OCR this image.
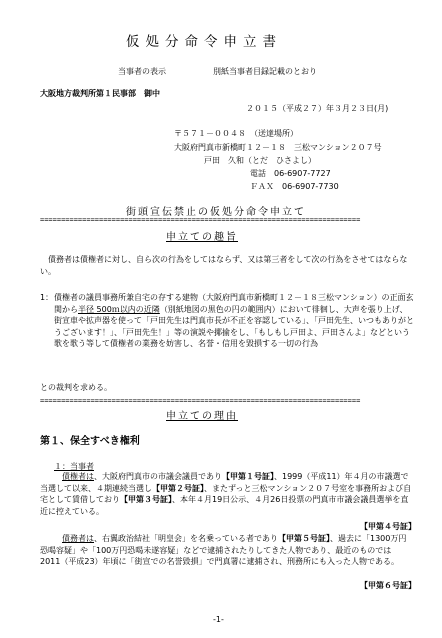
仮処分命令申立書
当事者の表示	別紙当事者目録記載のとおり
大阪地方裁判所第１民事部　御中
２０１５（平成２７）年３月２３日(月)
〒５７１－００４８　（送達場所）
大阪府門真市新橋町１２－１８　三松マンション２０７号
戸田　久和（とだ　ひさよし）
電話　06-6907-7727
ＦＡＸ　06-6907-7730
街頭宣伝禁止の仮処分命令申立て
============================================================================
申立ての趣旨
債務者は債権者に対し、自ら次の行為をしてはならず、又は第三者をして次の行為をさせてはならない。
1： 債権者の議員事務所兼自宅の存する建物（大阪府門真市新橋町１２－１８三松マンション）の正面玄関から半径 500ｍ以内の近隣（別紙地図の黒色の円の範囲内）において徘徊し、大声を張り上げ、街宣車や拡声器を使って「戸田先生は門真市長が不正を容認している」、「戸田先生、いつもありがとうございます！」、「戸田先生！」等の演説や揶揄をし、「もしもし戸田よ、戸田さんよ」などという歌を歌う等して債権者の業務を妨害し、名誉・信用を毀損する一切の行為
との裁判を求める。
============================================================================
申立ての理由
第１、保全すべき権利
１：当事者
債権者は、大阪府門真市の市議会議員であり【甲第１号証】、1999（平成11）年４月の市議選で当選して以来、４期連続当選し【甲第２号証】、またずっと三松マンション２０７号室を事務所および自宅として賃借しており【甲第３号証】、本年４月19日公示、４月26日投票の門真市市議会議員選挙を直近に控えている。
【甲第４号証】
債務者は、右翼政治結社「明皇会」を名乗っている者であり【甲第５号証】、過去に「1300万円恐喝容疑」や「100万円恐喝未遂容疑」などで逮捕されたりしてきた人物であり、最近のものでは 2011（平成23）年頃に「街宣での名誉毀損」で門真署に逮捕され、刑務所にも入った人物である。
【甲第６号証】
-1-
